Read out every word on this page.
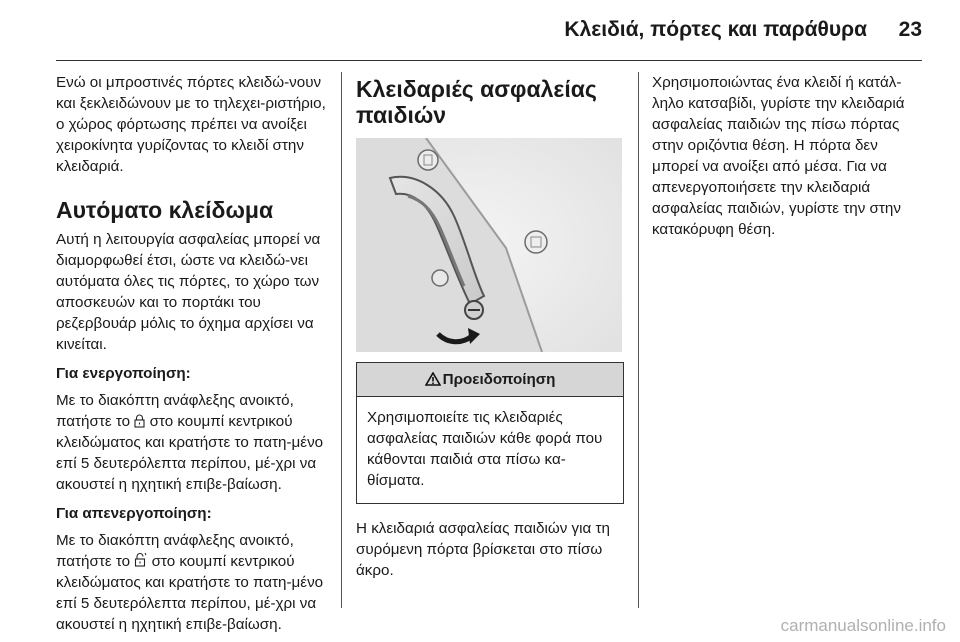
Κλειδιά, πόρτες και παράθυρα 23

Ενώ οι μπροστινές πόρτες κλειδώ-νουν και ξεκλειδώνουν με το τηλεχει-ριστήριο, ο χώρος φόρτωσης πρέπει να ανοίξει χειροκίνητα γυρίζοντας το κλειδί στην κλειδαριά.

Αυτόματο κλείδωμα

Αυτή η λειτουργία ασφαλείας μπορεί να διαμορφωθεί έτσι, ώστε να κλειδώ-νει αυτόματα όλες τις πόρτες, το χώρο των αποσκευών και το πορτάκι του ρεζερβουάρ μόλις το όχημα αρχίσει να κινείται.

Για ενεργοποίηση:

Με το διακόπτη ανάφλεξης ανοικτό, πατήστε το στο κουμπί κεντρικού κλειδώματος και κρατήστε το πατη-μένο επί 5 δευτερόλεπτα περίπου, μέ-χρι να ακουστεί η ηχητική επιβε-βαίωση.

Για απενεργοποίηση:

Με το διακόπτη ανάφλεξης ανοικτό, πατήστε το στο κουμπί κεντρικού κλειδώματος και κρατήστε το πατη-μένο επί 5 δευτερόλεπτα περίπου, μέ-χρι να ακουστεί η ηχητική επιβε-βαίωση.

Κλειδαριές ασφαλείας παιδιών
Προειδοποίηση
Χρησιμοποιείτε τις κλειδαριές ασφαλείας παιδιών κάθε φορά που κάθονται παιδιά στα πίσω κα-θίσματα.

Η κλειδαριά ασφαλείας παιδιών για τη συρόμενη πόρτα βρίσκεται στο πίσω άκρο.

Χρησιμοποιώντας ένα κλειδί ή κατάλ-ληλο κατσαβίδι, γυρίστε την κλειδαριά ασφαλείας παιδιών της πίσω πόρτας στην οριζόντια θέση. Η πόρτα δεν μπορεί να ανοίξει από μέσα. Για να απενεργοποιήσετε την κλειδαριά ασφαλείας παιδιών, γυρίστε την στην κατακόρυφη θέση.

carmanualsonline.info
